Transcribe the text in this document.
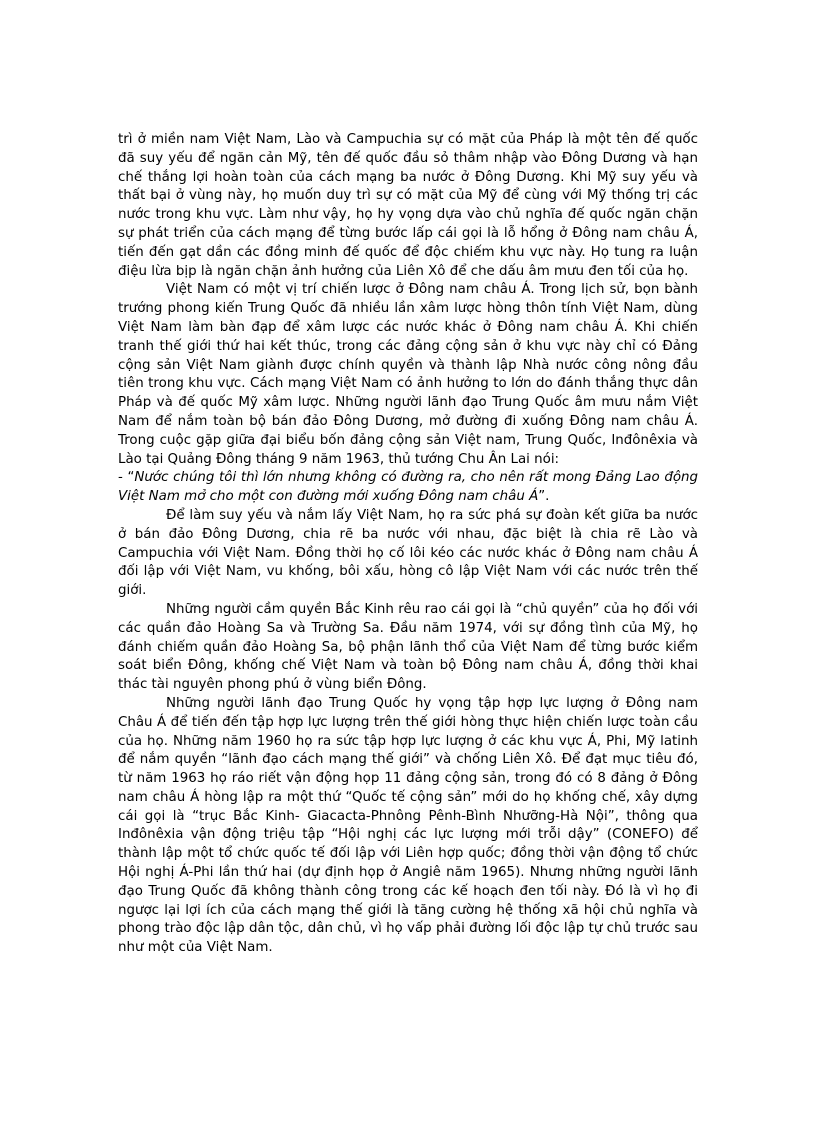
trì ở miền nam Việt Nam, Lào và Campuchia sự có mặt của Pháp là một tên đế quốc đã suy yếu để ngăn cản Mỹ, tên đế quốc đầu sỏ thâm nhập vào Đông Dương và hạn chế thắng lợi hoàn toàn của cách mạng ba nước ở Đông Dương. Khi Mỹ suy yếu và thất bại ở vùng này, họ muốn duy trì sự có mặt của Mỹ để cùng với Mỹ thống trị các nước trong khu vực. Làm như vậy, họ hy vọng dựa vào chủ nghĩa đế quốc ngăn chặn sự phát triển của cách mạng để từng bước lấp cái gọi là lỗ hổng ở Đông nam châu Á, tiến đến gạt dần các đồng minh đế quốc để độc chiếm khu vực này. Họ tung ra luận điệu lừa bịp là ngăn chặn ảnh hưởng của Liên Xô để che dấu âm mưu đen tối của họ.

Việt Nam có một vị trí chiến lược ở Đông nam châu Á. Trong lịch sử, bọn bành trướng phong kiến Trung Quốc đã nhiều lần xâm lược hòng thôn tính Việt Nam, dùng Việt Nam làm bàn đạp để xâm lược các nước khác ở Đông nam châu Á. Khi chiến tranh thế giới thứ hai kết thúc, trong các đảng cộng sản ở khu vực này chỉ có Đảng cộng sản Việt Nam giành được chính quyền và thành lập Nhà nước công nông đầu tiên trong khu vực. Cách mạng Việt Nam có ảnh hưởng to lớn do đánh thắng thực dân Pháp và đế quốc Mỹ xâm lược. Những người lãnh đạo Trung Quốc âm mưu nắm Việt Nam để nắm toàn bộ bán đảo Đông Dương, mở đường đi xuống Đông nam châu Á. Trong cuộc gặp giữa đại biểu bốn đảng cộng sản Việt nam, Trung Quốc, Inđônêxia và Lào tại Quảng Đông tháng 9 năm 1963, thủ tướng Chu Ân Lai nói:

- “Nước chúng tôi thì lớn nhưng không có đường ra, cho nên rất mong Đảng Lao động Việt Nam mở cho một con đường mới xuống Đông nam châu Á”.

Để làm suy yếu và nắm lấy Việt Nam, họ ra sức phá sự đoàn kết giữa ba nước ở bán đảo Đông Dương, chia rẽ ba nước với nhau, đặc biệt là chia rẽ Lào và Campuchia với Việt Nam. Đồng thời họ cố lôi kéo các nước khác ở Đông nam châu Á đối lập với Việt Nam, vu khống, bôi xấu, hòng cô lập Việt Nam với các nước trên thế giới.

Những người cầm quyền Bắc Kinh rêu rao cái gọi là “chủ quyền” của họ đối với các quần đảo Hoàng Sa và Trường Sa. Đầu năm 1974, với sự đồng tình của Mỹ, họ đánh chiếm quần đảo Hoàng Sa, bộ phận lãnh thổ của Việt Nam để từng bước kiểm soát biển Đông, khống chế Việt Nam và toàn bộ Đông nam châu Á, đồng thời khai thác tài nguyên phong phú ở vùng biển Đông.

Những người lãnh đạo Trung Quốc hy vọng tập hợp lực lượng ở Đông nam Châu Á để tiến đến tập hợp lực lượng trên thế giới hòng thực hiện chiến lược toàn cầu của họ. Những năm 1960 họ ra sức tập hợp lực lượng ở các khu vực Á, Phi, Mỹ latinh để nắm quyền “lãnh đạo cách mạng thế giới” và chống Liên Xô. Để đạt mục tiêu đó, từ năm 1963 họ ráo riết vận động họp 11 đảng cộng sản, trong đó có 8 đảng ở Đông nam châu Á hòng lập ra một thứ “Quốc tế cộng sản” mới do họ khống chế, xây dựng cái gọi là “trục Bắc Kinh- Giacacta-Phnông Pênh-Bình Nhưỡng-Hà Nội”, thông qua Inđônêxia vận động triệu tập “Hội nghị các lực lượng mới trỗi dậy” (CONEFO) để thành lập một tổ chức quốc tế đối lập với Liên hợp quốc; đồng thời vận động tổ chức Hội nghị Á-Phi lần thứ hai (dự định họp ở Angiê năm 1965). Nhưng những người lãnh đạo Trung Quốc đã không thành công trong các kế hoạch đen tối này. Đó là vì họ đi ngược lại lợi ích của cách mạng thế giới là tăng cường hệ thống xã hội chủ nghĩa và phong trào độc lập dân tộc, dân chủ, vì họ vấp phải đường lối độc lập tự chủ trước sau như một của Việt Nam.
